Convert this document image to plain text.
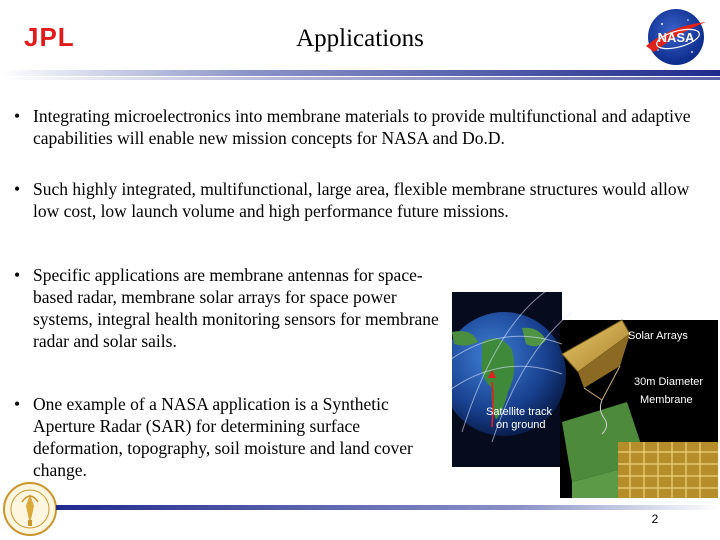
JPL	Applications	NASA
• Integrating microelectronics into membrane materials to provide multifunctional and adaptive capabilities will enable new mission concepts for NASA and Do.D.
• Such highly integrated, multifunctional, large area, flexible membrane structures would allow low cost, low launch volume and high performance future missions.
• Specific applications are membrane antennas for space-based radar, membrane solar arrays for space power systems, integral health monitoring sensors for membrane radar and solar sails.
• One example of a NASA application is a Synthetic Aperture Radar (SAR) for determining surface deformation, topography, soil moisture and land cover change.
Solar Arrays
30m Diameter
Membrane
Satellite track
on ground
2
